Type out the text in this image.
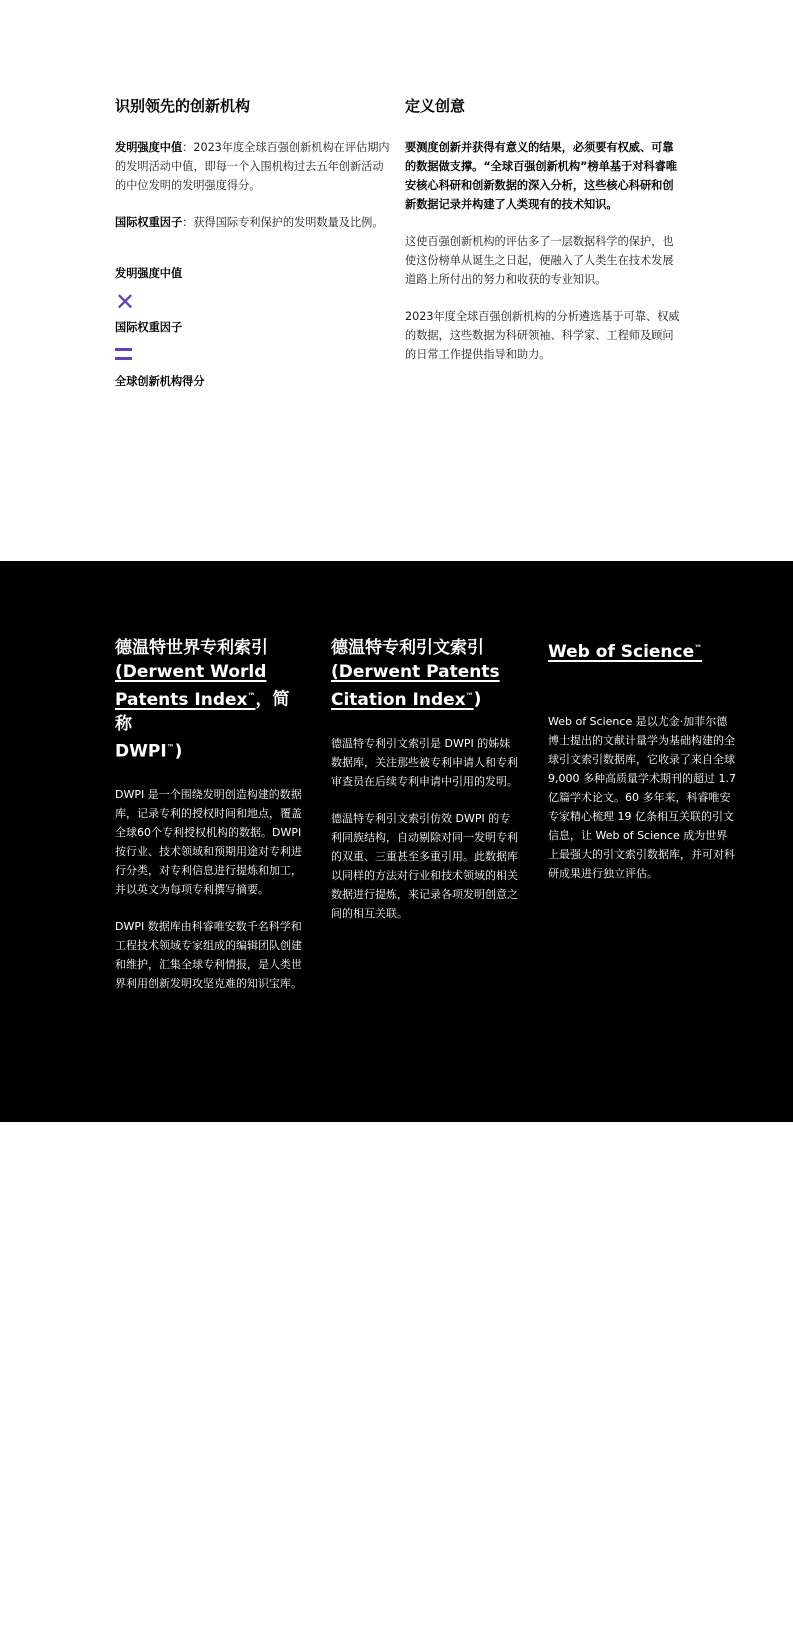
识别领先的创新机构

发明强度中值：2023年度全球百强创新机构在评估期内的发明活动中值，即每一个入围机构过去五年创新活动的中位发明的发明强度得分。

国际权重因子：获得国际专利保护的发明数量及比例。

发明强度中值
✕
国际权重因子
全球创新机构得分
定义创意

要测度创新并获得有意义的结果，必须要有权威、可靠的数据做支撑。“全球百强创新机构”榜单基于对科睿唯安核心科研和创新数据的深入分析，这些核心科研和创新数据记录并构建了人类现有的技术知识。

这使百强创新机构的评估多了一层数据科学的保护，也使这份榜单从诞生之日起，便融入了人类生在技术发展道路上所付出的努力和收获的专业知识。

2023年度全球百强创新机构的分析遴选基于可靠、权威的数据，这些数据为科研领袖、科学家、工程师及顾问的日常工作提供指导和助力。

德温特世界专利索引
(Derwent World
Patents Index™，简称
DWPI™)

DWPI 是一个围绕发明创造构建的数据库，记录专利的授权时间和地点，覆盖全球60个专利授权机构的数据。DWPI 按行业、技术领域和预期用途对专利进行分类，对专利信息进行提炼和加工，并以英文为每项专利撰写摘要。

DWPI 数据库由科睿唯安数千名科学和工程技术领域专家组成的编辑团队创建和维护，汇集全球专利情报，是人类世界利用创新发明攻坚克难的知识宝库。

德温特专利引文索引
(Derwent Patents
Citation Index™)

德温特专利引文索引是 DWPI 的姊妹数据库，关注那些被专利申请人和专利审查员在后续专利申请中引用的发明。

德温特专利引文索引仿效 DWPI 的专利同族结构，自动剔除对同一发明专利的双重、三重甚至多重引用。此数据库以同样的方法对行业和技术领域的相关数据进行提炼，来记录各项发明创意之间的相互关联。

Web of Science™

Web of Science 是以尤金·加菲尔德博士提出的文献计量学为基础构建的全球引文索引数据库，它收录了来自全球9,000 多种高质量学术期刊的超过 1.7 亿篇学术论文。60 多年来，科睿唯安专家精心梳理 19 亿条相互关联的引文信息，让 Web of Science 成为世界上最强大的引文索引数据库，并可对科研成果进行独立评估。

9
